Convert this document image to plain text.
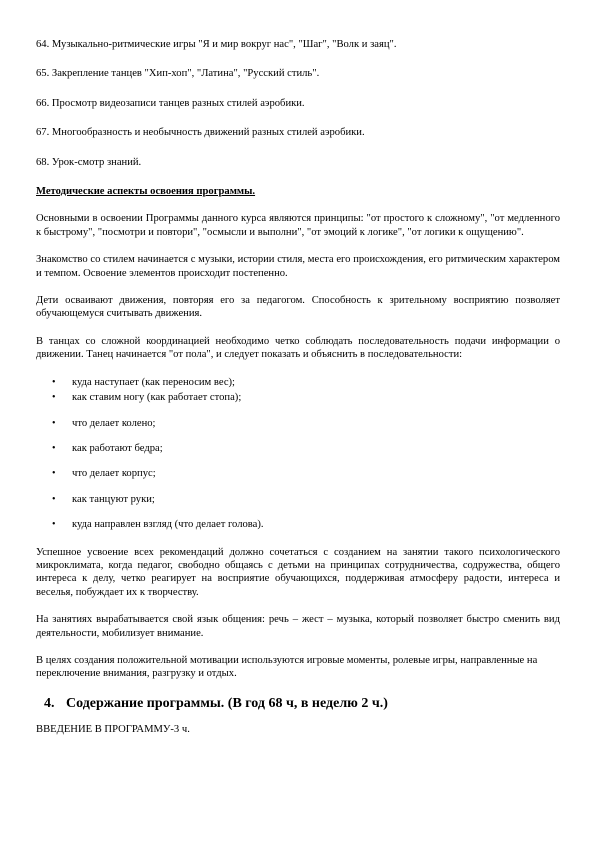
64. Музыкально-ритмические игры "Я и мир вокруг нас", "Шаг", "Волк и заяц".

65. Закрепление танцев "Хип-хоп", "Латина", "Русский стиль".

66. Просмотр видеозаписи танцев разных стилей аэробики.

67. Многообразность и необычность движений разных стилей аэробики.

68. Урок-смотр знаний.

Методические аспекты освоения программы.

Основными в освоении Программы данного курса являются принципы: "от простого к сложному", "от медленного к быстрому", "посмотри и повтори", "осмысли и выполни", "от эмоций к логике", "от логики к ощущению".

Знакомство со стилем начинается с музыки, истории стиля, места его происхождения, его ритмическим характером и темпом. Освоение элементов происходит постепенно.

Дети осваивают движения, повторяя его за педагогом. Способность к зрительному восприятию позволяет обучающемуся считывать движения.

В танцах со сложной координацией необходимо четко соблюдать последовательность подачи информации о движении. Танец начинается "от пола", и следует показать и объяснить в последовательности:

• куда наступает (как переносим вес);
• как ставим ногу (как работает стопа);
• что делает колено;
• как работают бедра;
• что делает корпус;
• как танцуют руки;
• куда направлен взгляд (что делает голова).

Успешное усвоение всех рекомендаций должно сочетаться с созданием на занятии такого психологического микроклимата, когда педагог, свободно общаясь с детьми на принципах сотрудничества, содружества, общего интереса к делу, четко реагирует на восприятие обучающихся, поддерживая атмосферу радости, интереса и веселья, побуждает их к творчеству.

На занятиях вырабатывается свой язык общения: речь – жест – музыка, который позволяет быстро сменить вид деятельности, мобилизует внимание.

В целях создания положительной мотивации используются игровые моменты, ролевые игры, направленные на переключение внимания, разгрузку и отдых.

4. Содержание программы. (В год 68 ч, в неделю 2 ч.)

ВВЕДЕНИЕ В ПРОГРАММУ-3 ч.
